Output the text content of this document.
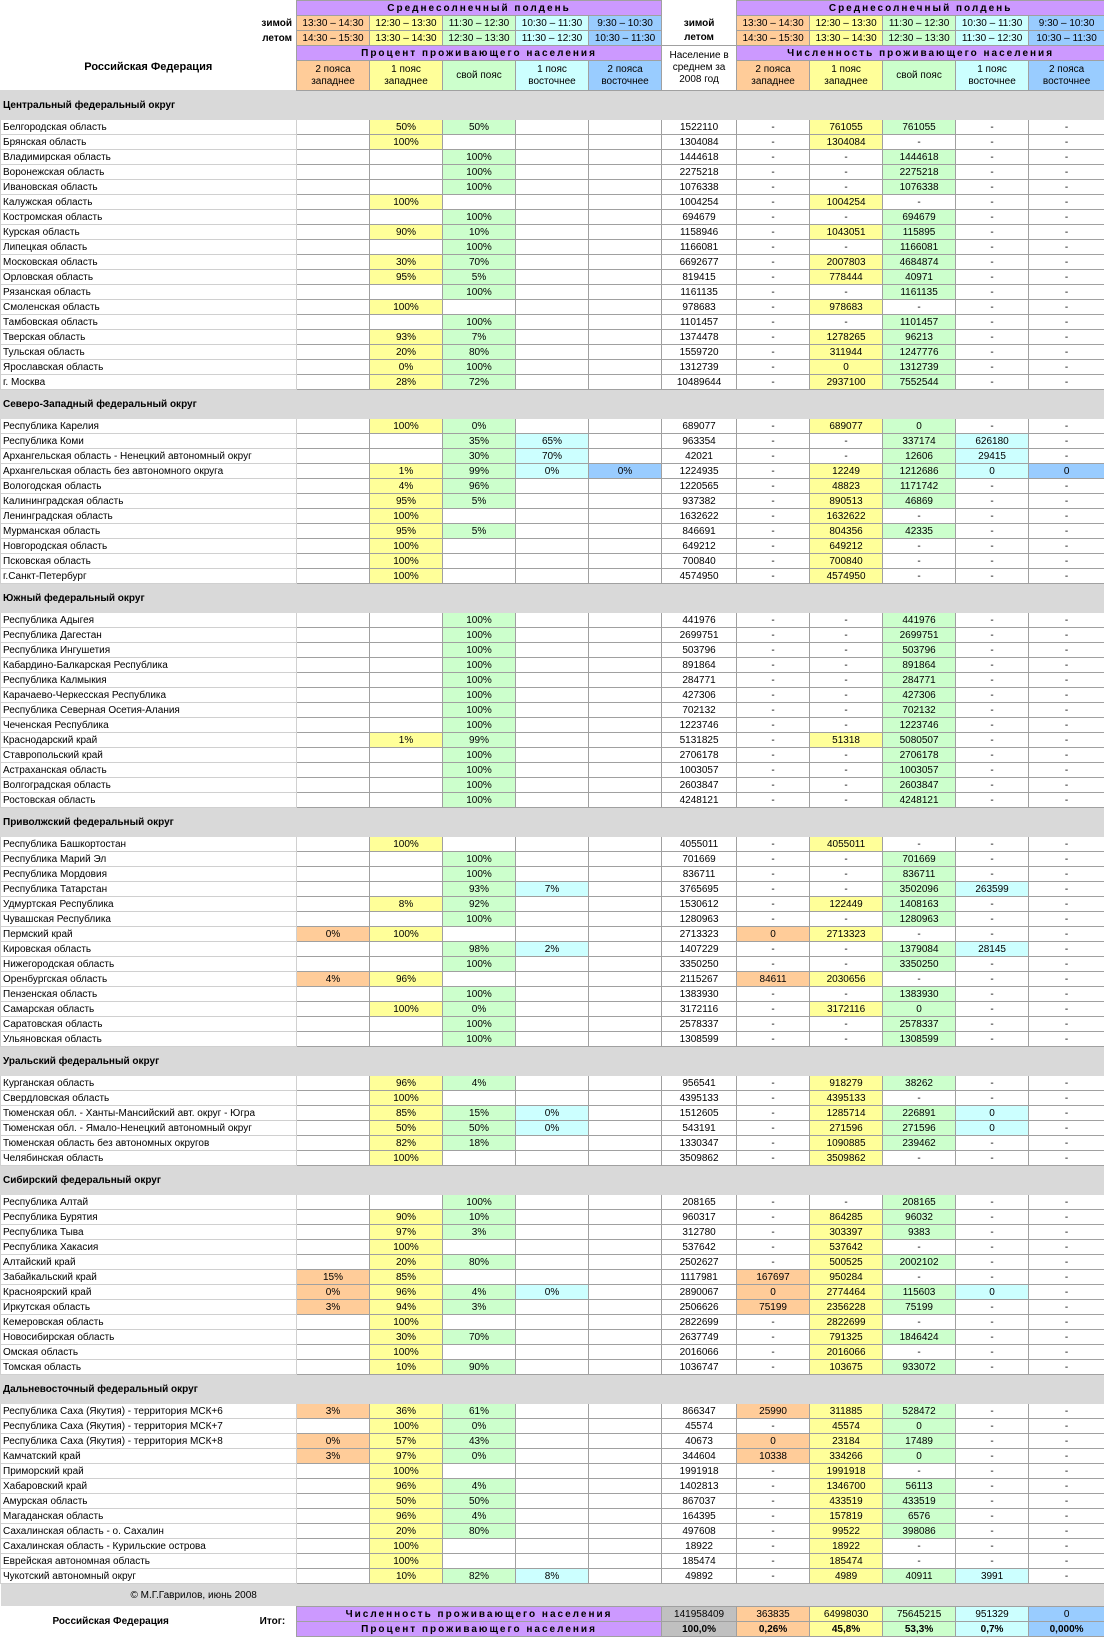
	Среднесолнечный полдень						Среднесолнечный полдень				
зимой	13:30 – 14:30	12:30 – 13:30	11:30 – 12:30	10:30 – 11:30	9:30 – 10:30	зимой	13:30 – 14:30	12:30 – 13:30	11:30 – 12:30	10:30 – 11:30	9:30 – 10:30
летом	14:30 – 15:30	13:30 – 14:30	12:30 – 13:30	11:30 – 12:30	10:30 – 11:30	летом	14:30 – 15:30	13:30 – 14:30	12:30 – 13:30	11:30 – 12:30	10:30 – 11:30
Российская Федерация	Процент проживающего населения					Население в среднем за 2008 год	Численность проживающего населения				
	2 пояса западнее	1 пояс западнее	свой пояс	1 пояс восточнее	2 пояса восточнее		2 пояса западнее	1 пояс западнее	свой пояс	1 пояс восточнее	2 пояса восточнее
Центральный федеральный округ											
Белгородская область		50%	50%			1522110	-	761055	761055	-	-
Брянская область		100%				1304084	-	1304084	-	-	-
Владимирская область			100%			1444618	-	-	1444618	-	-
Воронежская область			100%			2275218	-	-	2275218	-	-
Ивановская область			100%			1076338	-	-	1076338	-	-
Калужская область		100%				1004254	-	1004254	-	-	-
Костромская область			100%			694679	-	-	694679	-	-
Курская область		90%	10%			1158946	-	1043051	115895	-	-
Липецкая область			100%			1166081	-	-	1166081	-	-
Московская область		30%	70%			6692677	-	2007803	4684874	-	-
Орловская область		95%	5%			819415	-	778444	40971	-	-
Рязанская область			100%			1161135	-	-	1161135	-	-
Смоленская область		100%				978683	-	978683	-	-	-
Тамбовская область			100%			1101457	-	-	1101457	-	-
Тверская область		93%	7%			1374478	-	1278265	96213	-	-
Тульская область		20%	80%			1559720	-	311944	1247776	-	-
Ярославская область		0%	100%			1312739	-	0	1312739	-	-
г. Москва		28%	72%			10489644	-	2937100	7552544	-	-
Северо-Западный федеральный округ											
Республика Карелия		100%	0%			689077	-	689077	0	-	-
Республика Коми			35%	65%		963354	-	-	337174	626180	-
Архангельская область - Ненецкий автономный округ			30%	70%		42021	-	-	12606	29415	-
Архангельская область без автономного округа		1%	99%	0%	0%	1224935	-	12249	1212686	0	0
Вологодская область		4%	96%			1220565	-	48823	1171742	-	-
Калининградская область		95%	5%			937382	-	890513	46869	-	-
Ленинградская область		100%				1632622	-	1632622	-	-	-
Мурманская область		95%	5%			846691	-	804356	42335	-	-
Новгородская область		100%				649212	-	649212	-	-	-
Псковская область		100%				700840	-	700840	-	-	-
г.Санкт-Петербург		100%				4574950	-	4574950	-	-	-
Южный федеральный округ											
Республика Адыгея			100%			441976	-	-	441976	-	-
Республика Дагестан			100%			2699751	-	-	2699751	-	-
Республика Ингушетия			100%			503796	-	-	503796	-	-
Кабардино-Балкарская Республика			100%			891864	-	-	891864	-	-
Республика Калмыкия			100%			284771	-	-	284771	-	-
Карачаево-Черкесская Республика			100%			427306	-	-	427306	-	-
Республика Северная Осетия-Алания			100%			702132	-	-	702132	-	-
Чеченская Республика			100%			1223746	-	-	1223746	-	-
Краснодарский край		1%	99%			5131825	-	51318	5080507	-	-
Ставропольский край			100%			2706178	-	-	2706178	-	-
Астраханская область			100%			1003057	-	-	1003057	-	-
Волгоградская область			100%			2603847	-	-	2603847	-	-
Ростовская область			100%			4248121	-	-	4248121	-	-
Приволжский федеральный округ											
Республика Башкортостан		100%				4055011	-	4055011	-	-	-
Республика Марий Эл			100%			701669	-	-	701669	-	-
Республика Мордовия			100%			836711	-	-	836711	-	-
Республика Татарстан			93%	7%		3765695	-	-	3502096	263599	-
Удмуртская Республика		8%	92%			1530612	-	122449	1408163	-	-
Чувашская Республика			100%			1280963	-	-	1280963	-	-
Пермский край	0%	100%				2713323	0	2713323	-	-	-
Кировская область			98%	2%		1407229	-	-	1379084	28145	-
Нижегородская область			100%			3350250	-	-	3350250	-	-
Оренбургская область	4%	96%				2115267	84611	2030656	-	-	-
Пензенская область			100%			1383930	-	-	1383930	-	-
Самарская область		100%	0%			3172116	-	3172116	0	-	-
Саратовская область			100%			2578337	-	-	2578337	-	-
Ульяновская область			100%			1308599	-	-	1308599	-	-
Уральский федеральный округ											
Курганская область		96%	4%			956541	-	918279	38262	-	-
Свердловская область		100%				4395133	-	4395133	-	-	-
Тюменская обл. - Ханты-Мансийский авт. округ - Югра		85%	15%	0%		1512605	-	1285714	226891	0	-
Тюменская обл. - Ямало-Ненецкий автономный округ		50%	50%	0%		543191	-	271596	271596	0	-
Тюменская область без автономных округов		82%	18%			1330347	-	1090885	239462	-	-
Челябинская область		100%				3509862	-	3509862	-	-	-
Сибирский федеральный округ											
Республика Алтай			100%			208165	-	-	208165	-	-
Республика Бурятия		90%	10%			960317	-	864285	96032	-	-
Республика Тыва		97%	3%			312780	-	303397	9383	-	-
Республика Хакасия		100%				537642	-	537642	-	-	-
Алтайский край		20%	80%			2502627	-	500525	2002102	-	-
Забайкальский край	15%	85%				1117981	167697	950284	-	-	-
Красноярский край	0%	96%	4%	0%		2890067	0	2774464	115603	0	-
Иркутская область	3%	94%	3%			2506626	75199	2356228	75199	-	-
Кемеровская область		100%				2822699	-	2822699	-	-	-
Новосибирская область		30%	70%			2637749	-	791325	1846424	-	-
Омская область		100%				2016066	-	2016066	-	-	-
Томская область		10%	90%			1036747	-	103675	933072	-	-
Дальневосточный федеральный округ											
Республика Саха (Якутия) - территория МСК+6	3%	36%	61%			866347	25990	311885	528472	-	-
Республика Саха (Якутия) - территория МСК+7		100%	0%			45574	-	45574	0	-	-
Республика Саха (Якутия) - территория МСК+8	0%	57%	43%			40673	0	23184	17489	-	-
Камчатский край	3%	97%	0%			344604	10338	334266	0	-	-
Приморский край		100%				1991918	-	1991918	-	-	-
Хабаровский край		96%	4%			1402813	-	1346700	56113	-	-
Амурская область		50%	50%			867037	-	433519	433519	-	-
Магаданская область		96%	4%			164395	-	157819	6576	-	-
Сахалинская область - о. Сахалин		20%	80%			497608	-	99522	398086	-	-
Сахалинская область - Курильские острова		100%				18922	-	18922	-	-	-
Еврейская автономная область		100%				185474	-	185474	-	-	-
Чукотский автономный округ		10%	82%	8%		49892	-	4989	40911	3991	-
© М.Г.Гаврилов, июнь 2008											
Российская Федерация Итог:	Численность проживающего населения					141958409	363835	64998030	75645215	951329	0
	Процент проживающего населения					100,0%	0,26%	45,8%	53,3%	0,7%	0,000%
